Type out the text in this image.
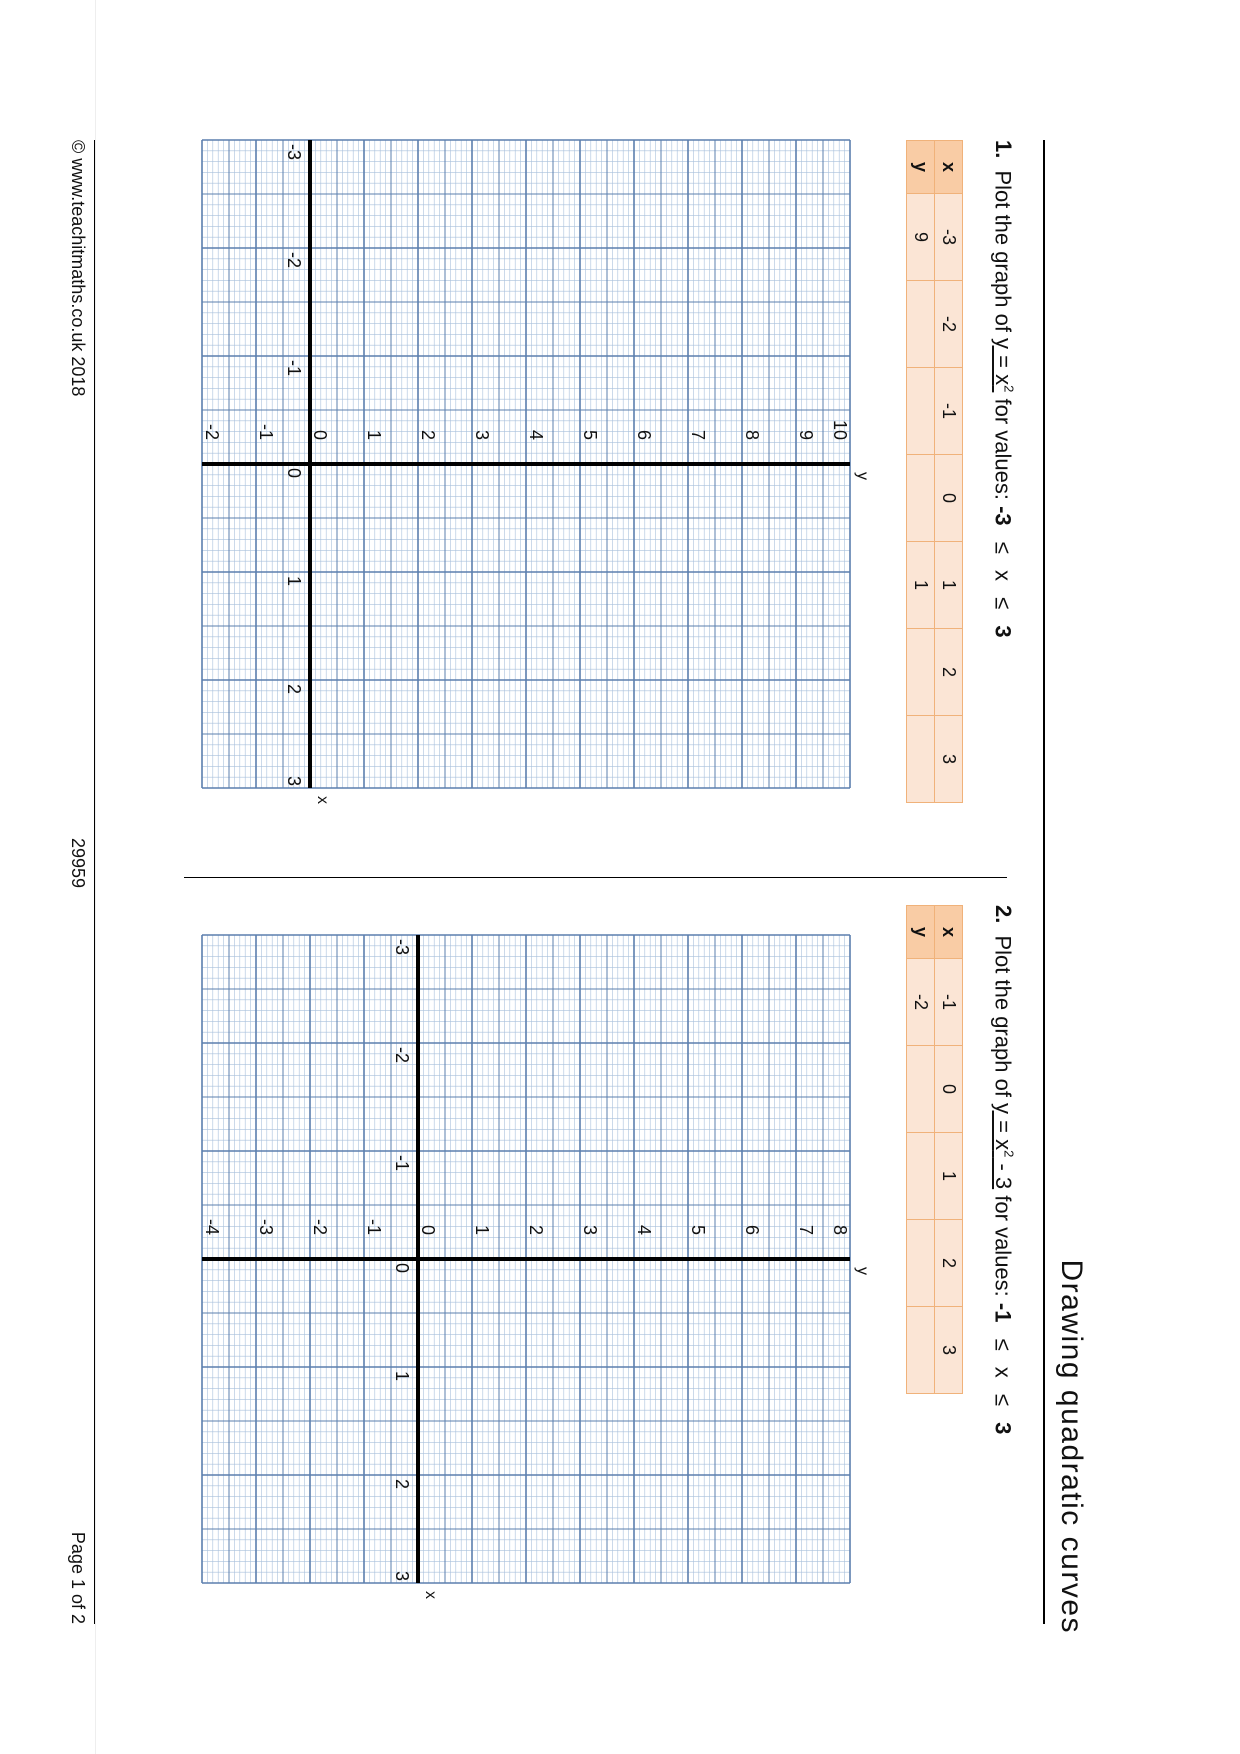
Drawing quadratic curves
1. Plot the graph of $y = x^2$ for values: -3 ≤ x ≤ 3
x	-3	-2	-1	0	1	2	3
y	9				1		
-3
-2
-1
0
1
2
3
10
9
8
7
6
5
4
3
2
1
0
-1
-2
x
y
2. Plot the graph of $y = x^2 - 3$ for values: -1 ≤ x ≤ 3
x	-1	0	1	2	3
y	-2				
-3
-2
-1
0
1
2
3
8
7
6
5
4
3
2
1
0
-1
-2
-3
-4
x
y
© www.teachitmaths.co.uk 2018
29959
Page 1 of 2
